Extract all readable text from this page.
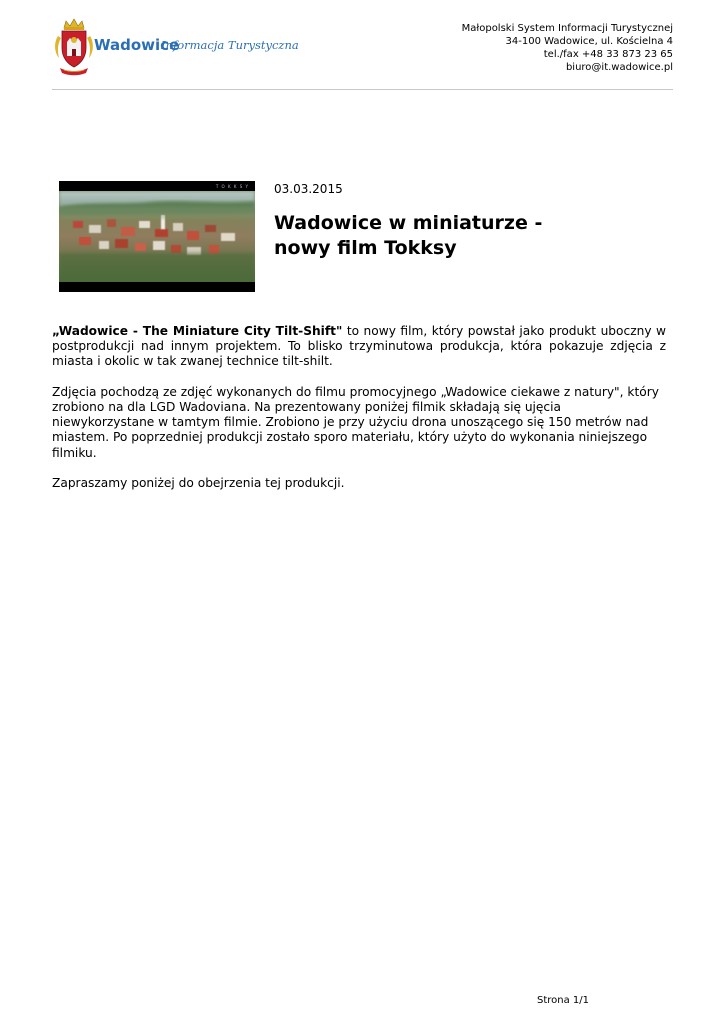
Wadowice
Informacja Turystyczna
Małopolski System Informacji Turystycznej
34-100 Wadowice, ul. Kościelna 4
tel./fax +48 33 873 23 65
biuro@it.wadowice.pl
T O K K S Y 03.03.2015
Wadowice w miniaturze -
nowy film Tokksy

„Wadowice - The Miniature City Tilt-Shift" to nowy film, który powstał jako produkt uboczny w postprodukcji nad innym projektem. To blisko trzyminutowa produkcja, która pokazuje zdjęcia z miasta i okolic w tak zwanej technice tilt-shilt.

Zdjęcia pochodzą ze zdjęć wykonanych do filmu promocyjnego „Wadowice ciekawe z natury", który zrobiono na dla LGD Wadoviana. Na prezentowany poniżej filmik składają się ujęcia niewykorzystane w tamtym filmie. Zrobiono je przy użyciu drona unoszącego się 150 metrów nad miastem. Po poprzedniej produkcji zostało sporo materiału, który użyto do wykonania niniejszego filmiku.

Zapraszamy poniżej do obejrzenia tej produkcji.

Strona 1/1
